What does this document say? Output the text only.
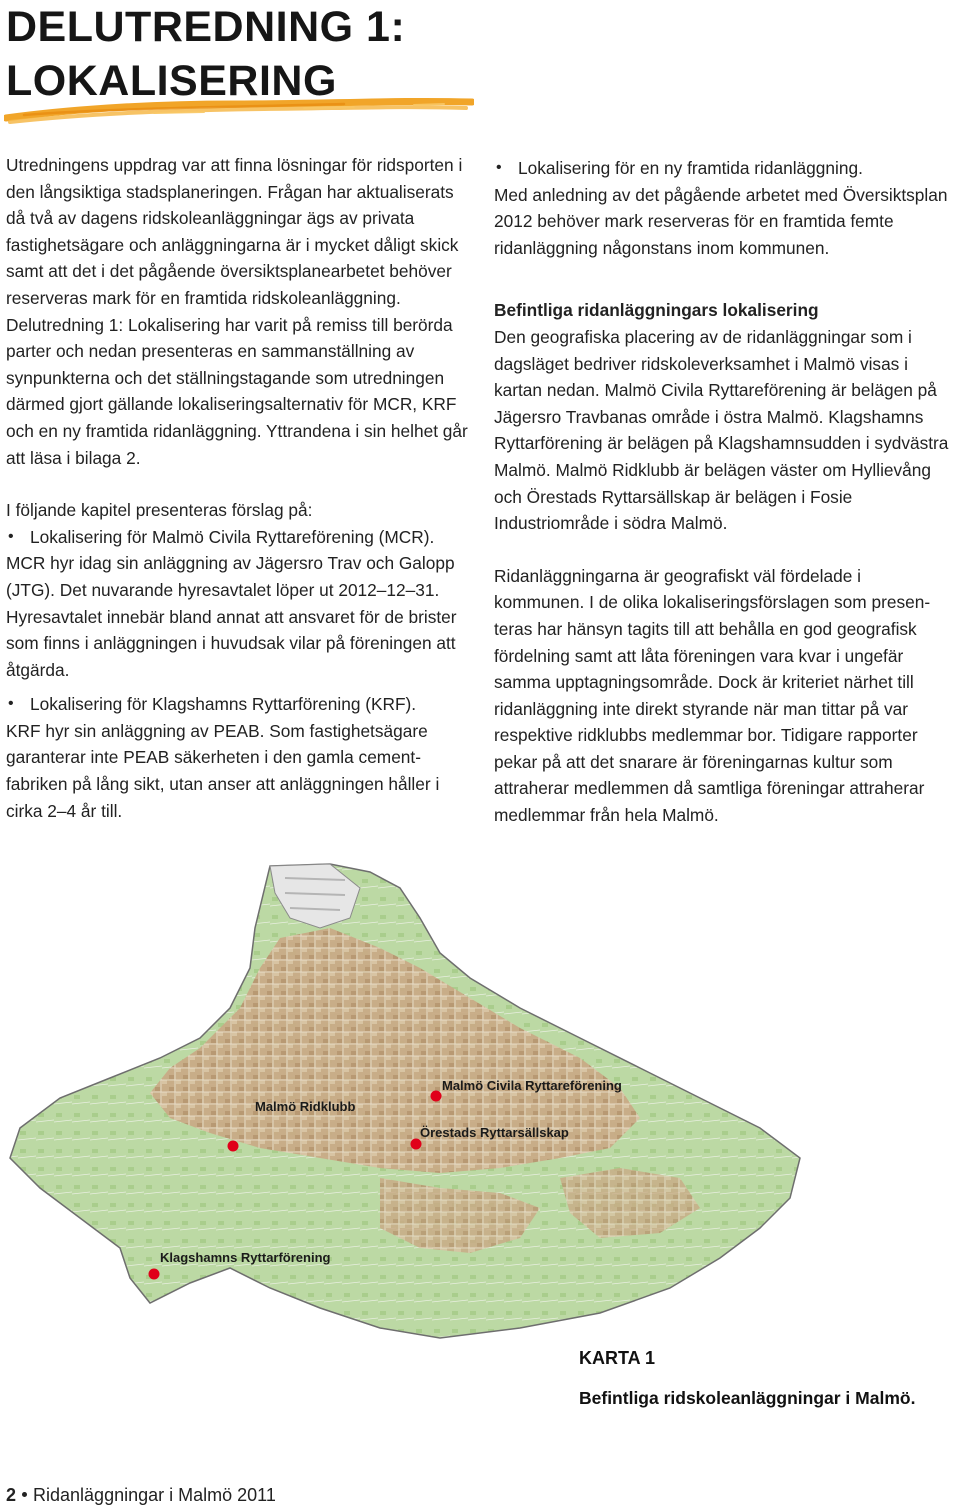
DELUTREDNING 1:
LOKALISERING

Utredningens uppdrag var att finna lösningar för ridsporten i den långsiktiga stadsplaneringen. Frågan har aktualiserats då två av dagens ridskoleanläggningar ägs av privata fastighetsägare och anläggningarna är i mycket dåligt skick samt att det i det pågående översiktsplanearbetet behöver reserveras mark för en framtida ridskoleanläggning. Delutredning 1: Lokalisering har varit på remiss till berörda parter och nedan presenteras en sammanställning av synpunkterna och det ställningstagande som utredningen därmed gjort gällande lokaliseringsalternativ för MCR, KRF och en ny framtida ridanläggning. Yttrandena i sin helhet går att läsa i bilaga 2.

I följande kapitel presenteras förslag på:

• Lokalisering för Malmö Civila Ryttareförening (MCR).

MCR hyr idag sin anläggning av Jägersro Trav och Galopp (JTG). Det nuvarande hyresavtalet löper ut 2012–12–31. Hyresavtalet innebär bland annat att ansvaret för de brister som finns i anläggningen i huvudsak vilar på föreningen att åtgärda.

• Lokalisering för Klagshamns Ryttarförening (KRF).

KRF hyr sin anläggning av PEAB. Som fastighetsägare garanterar inte PEAB säkerheten i den gamla cement-fabriken på lång sikt, utan anser att anläggningen håller i cirka 2–4 år till.

• Lokalisering för en ny framtida ridanläggning.

Med anledning av det pågående arbetet med Översiktsplan 2012 behöver mark reserveras för en framtida femte ridanläggning någonstans inom kommunen.

Befintliga ridanläggningars lokalisering

Den geografiska placering av de ridanläggningar som i dagsläget bedriver ridskoleverksamhet i Malmö visas i kartan nedan. Malmö Civila Ryttareförening är belägen på Jägersro Travbanas område i östra Malmö. Klagshamns Ryttarförening är belägen på Klagshamnsudden i sydvästra Malmö. Malmö Ridklubb är belägen väster om Hyllievång och Örestads Ryttarsällskap är belägen i Fosie Industriområde i södra Malmö.

Ridanläggningarna är geografiskt väl fördelade i kommunen. I de olika lokaliseringsförslagen som presenteras har hänsyn tagits till att behålla en god geografisk fördelning samt att låta föreningen vara kvar i ungefär samma upptagningsområde. Dock är kriteriet närhet till ridanläggning inte direkt styrande när man tittar på var respektive ridklubbs medlemmar bor. Tidigare rapporter pekar på att det snarare är föreningarnas kultur som attraherar medlemmen då samtliga föreningar attraherar medlemmar från hela Malmö.

Malmö Civila Ryttareförening
Malmö Ridklubb
Örestads Ryttarsällskap
Klagshamns Ryttarförening
KARTA 1
Befintliga ridskoleanläggningar i Malmö.
2 Ridanläggningar i Malmö 2011
